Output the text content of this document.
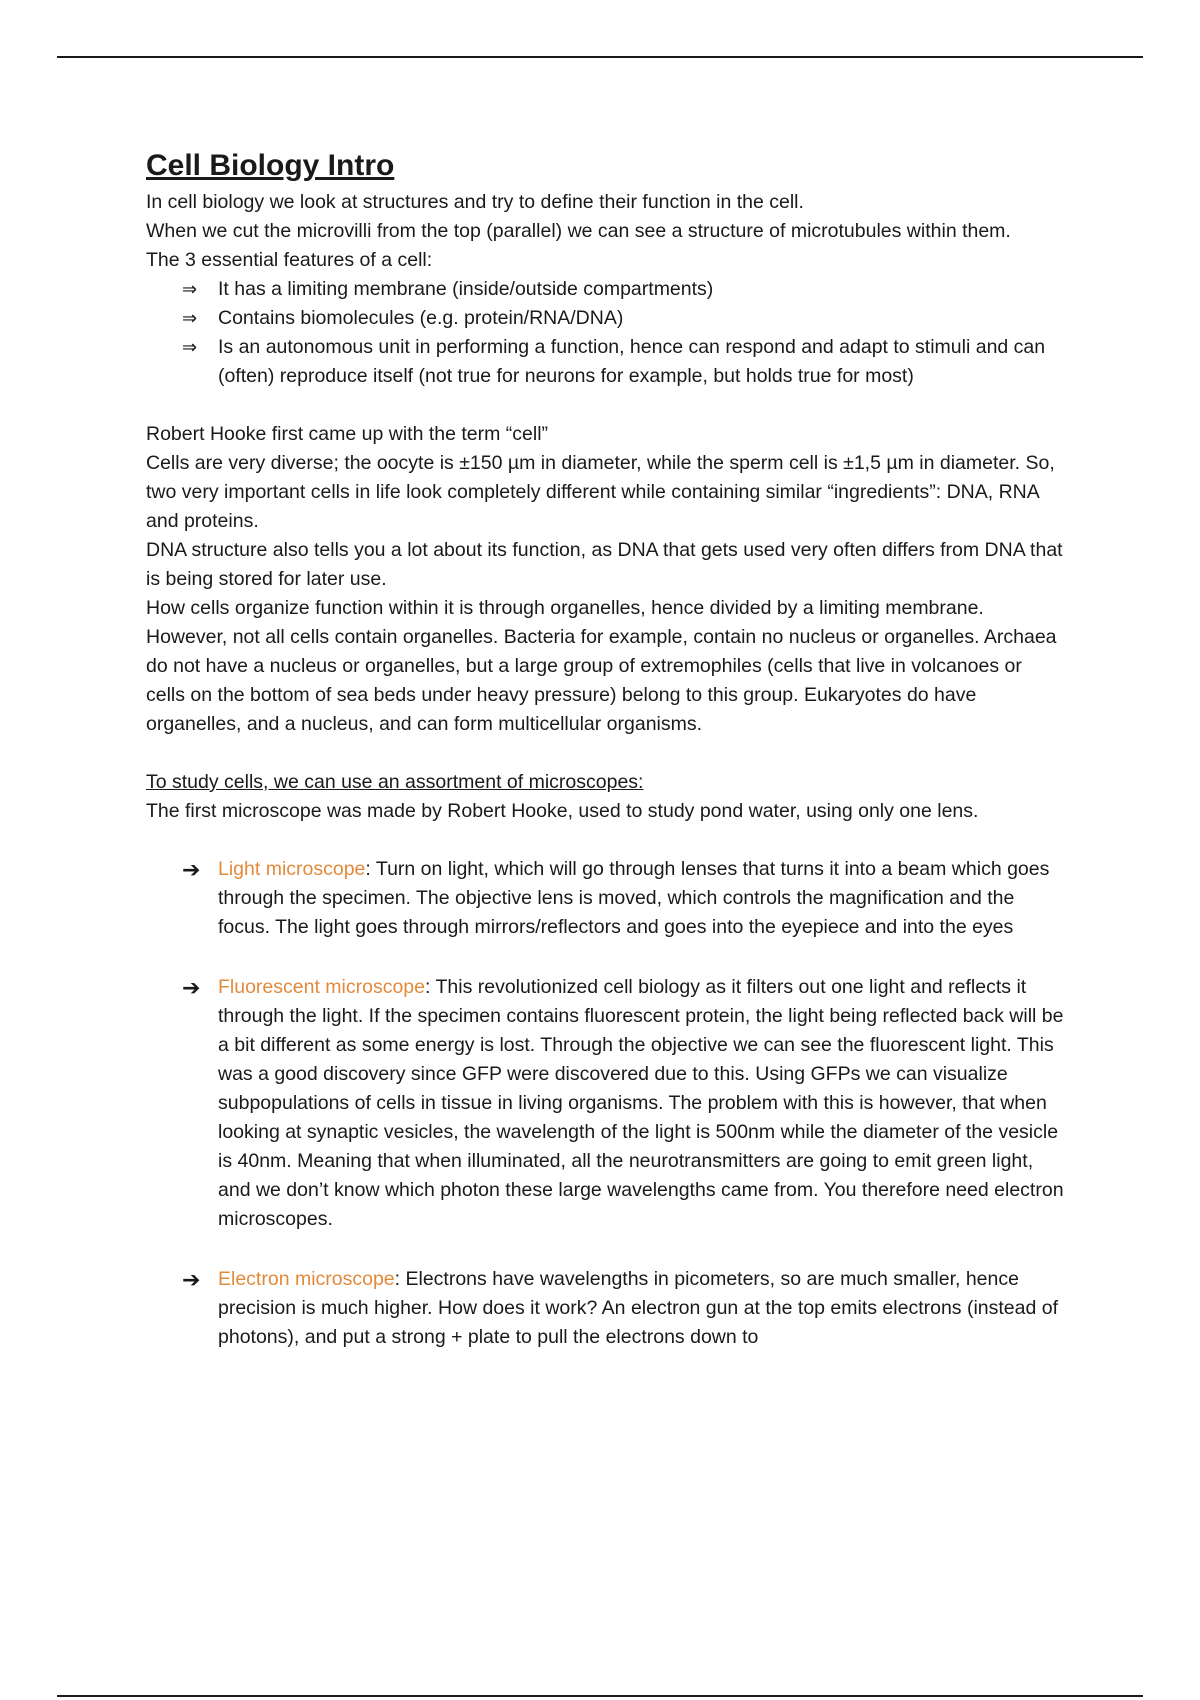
Cell Biology Intro

In cell biology we look at structures and try to define their function in the cell.

When we cut the microvilli from the top (parallel) we can see a structure of microtubules within them.

The 3 essential features of a cell:

⇒	It has a limiting membrane (inside/outside compartments)
⇒	Contains biomolecules (e.g. protein/RNA/DNA)
⇒	Is an autonomous unit in performing a function, hence can respond and adapt to stimuli and can (often) reproduce itself (not true for neurons for example, but holds true for most)

Robert Hooke first came up with the term “cell”

Cells are very diverse; the oocyte is ±150 µm in diameter, while the sperm cell is ±1,5 µm in diameter. So, two very important cells in life look completely different while containing similar “ingredients”: DNA, RNA and proteins.

DNA structure also tells you a lot about its function, as DNA that gets used very often differs from DNA that is being stored for later use.

How cells organize function within it is through organelles, hence divided by a limiting membrane. However, not all cells contain organelles. Bacteria for example, contain no nucleus or organelles. Archaea do not have a nucleus or organelles, but a large group of extremophiles (cells that live in volcanoes or cells on the bottom of sea beds under heavy pressure) belong to this group. Eukaryotes do have organelles, and a nucleus, and can form multicellular organisms.

To study cells, we can use an assortment of microscopes:

The first microscope was made by Robert Hooke, used to study pond water, using only one lens.

➔ Light microscope: Turn on light, which will go through lenses that turns it into a beam which goes through the specimen. The objective lens is moved, which controls the magnification and the focus. The light goes through mirrors/reflectors and goes into the eyepiece and into the eyes
➔ Fluorescent microscope: This revolutionized cell biology as it filters out one light and reflects it through the light. If the specimen contains fluorescent protein, the light being reflected back will be a bit different as some energy is lost. Through the objective we can see the fluorescent light. This was a good discovery since GFP were discovered due to this. Using GFPs we can visualize subpopulations of cells in tissue in living organisms. The problem with this is however, that when looking at synaptic vesicles, the wavelength of the light is 500nm while the diameter of the vesicle is 40nm. Meaning that when illuminated, all the neurotransmitters are going to emit green light, and we don’t know which photon these large wavelengths came from. You therefore need electron microscopes.
➔ Electron microscope: Electrons have wavelengths in picometers, so are much smaller, hence precision is much higher. How does it work? An electron gun at the top emits electrons (instead of photons), and put a strong + plate to pull the electrons down to
